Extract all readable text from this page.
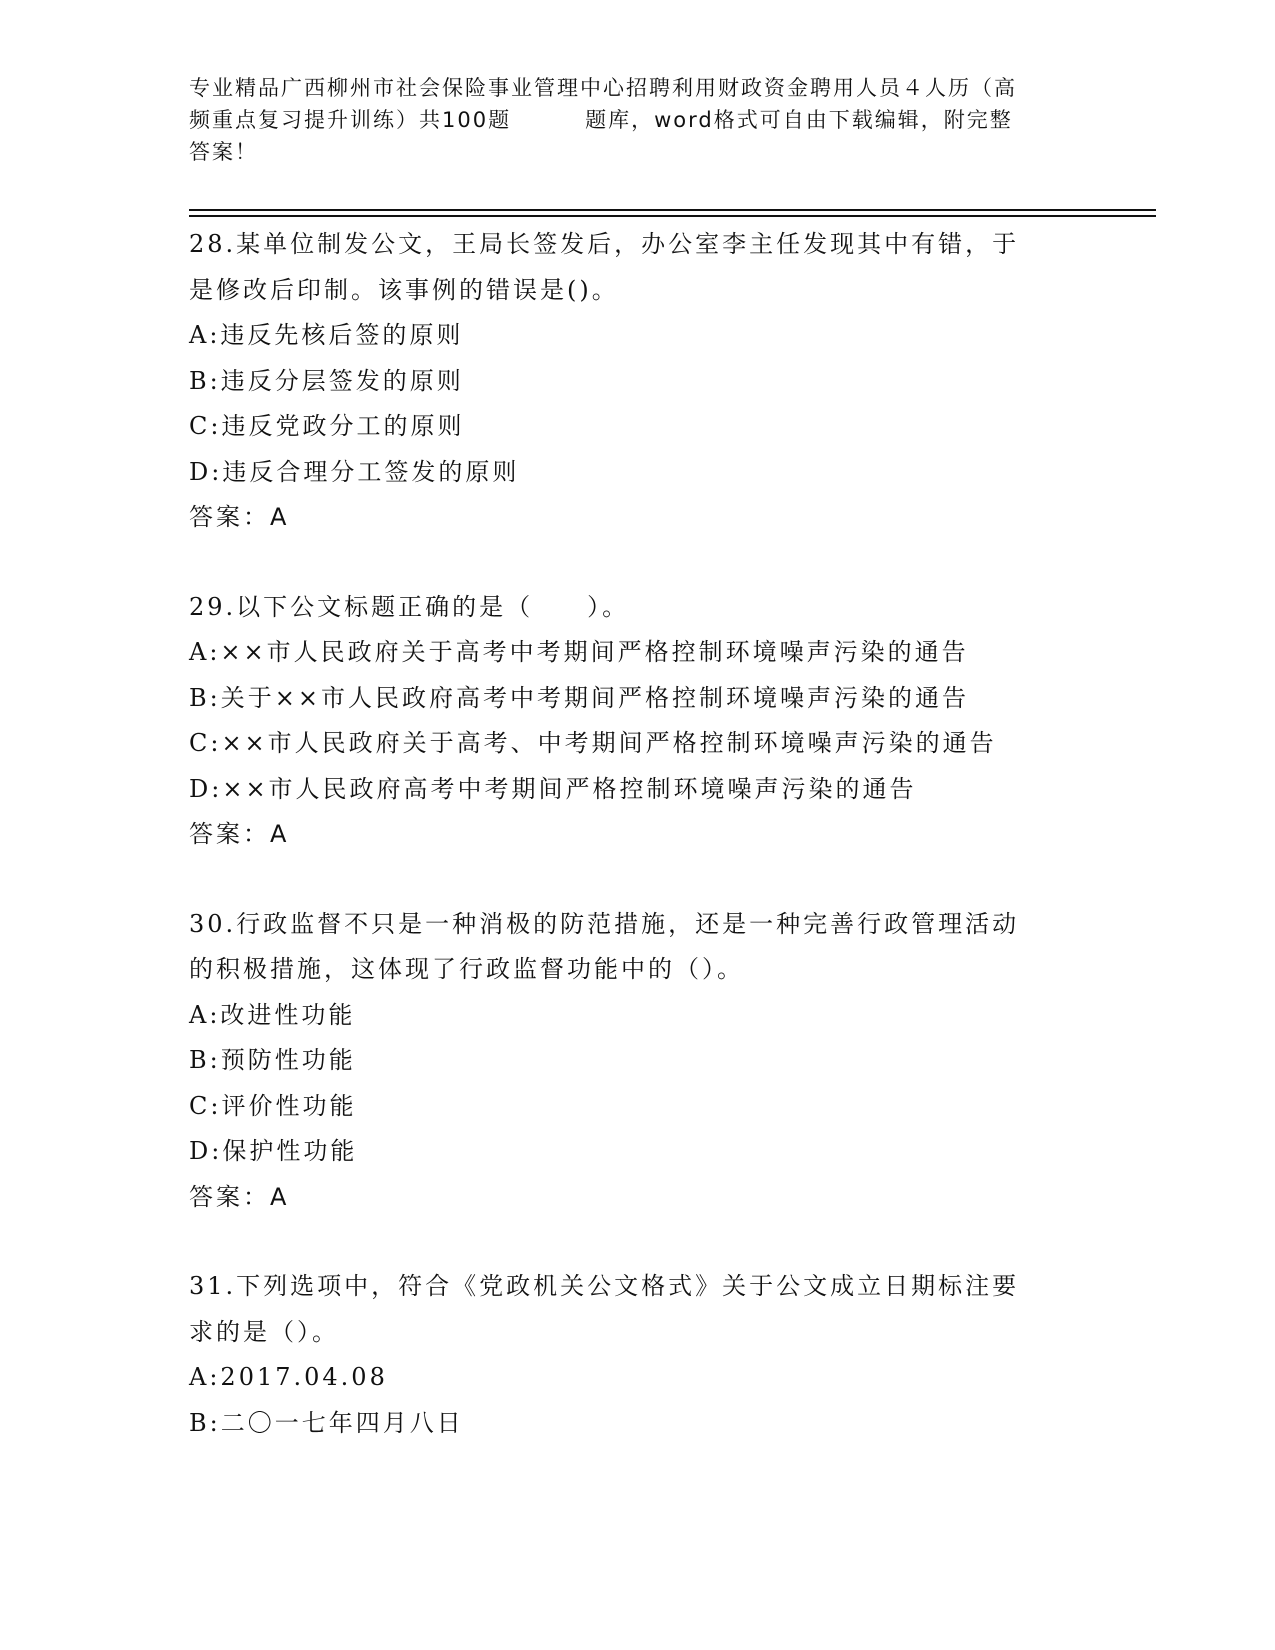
专业精品广西柳州市社会保险事业管理中心招聘利用财政资金聘用人员４人历（高
频重点复习提升训练）共100题	题库，word格式可自由下载编辑，附完整
答案！
28.某单位制发公文，王局长签发后，办公室李主任发现其中有错，于
是修改后印制。该事例的错误是()。
A:违反先核后签的原则
B:违反分层签发的原则
C:违反党政分工的原则
D:违反合理分工签发的原则
答案：A
29.以下公文标题正确的是（　　）。
A:××市人民政府关于高考中考期间严格控制环境噪声污染的通告
B:关于××市人民政府高考中考期间严格控制环境噪声污染的通告
C:××市人民政府关于高考、中考期间严格控制环境噪声污染的通告
D:××市人民政府高考中考期间严格控制环境噪声污染的通告
答案：A
30.行政监督不只是一种消极的防范措施，还是一种完善行政管理活动
的积极措施，这体现了行政监督功能中的（）。
A:改进性功能
B:预防性功能
C:评价性功能
D:保护性功能
答案：A
31.下列选项中，符合《党政机关公文格式》关于公文成立日期标注要
求的是（）。
A:2017.04.08
B:二〇一七年四月八日
